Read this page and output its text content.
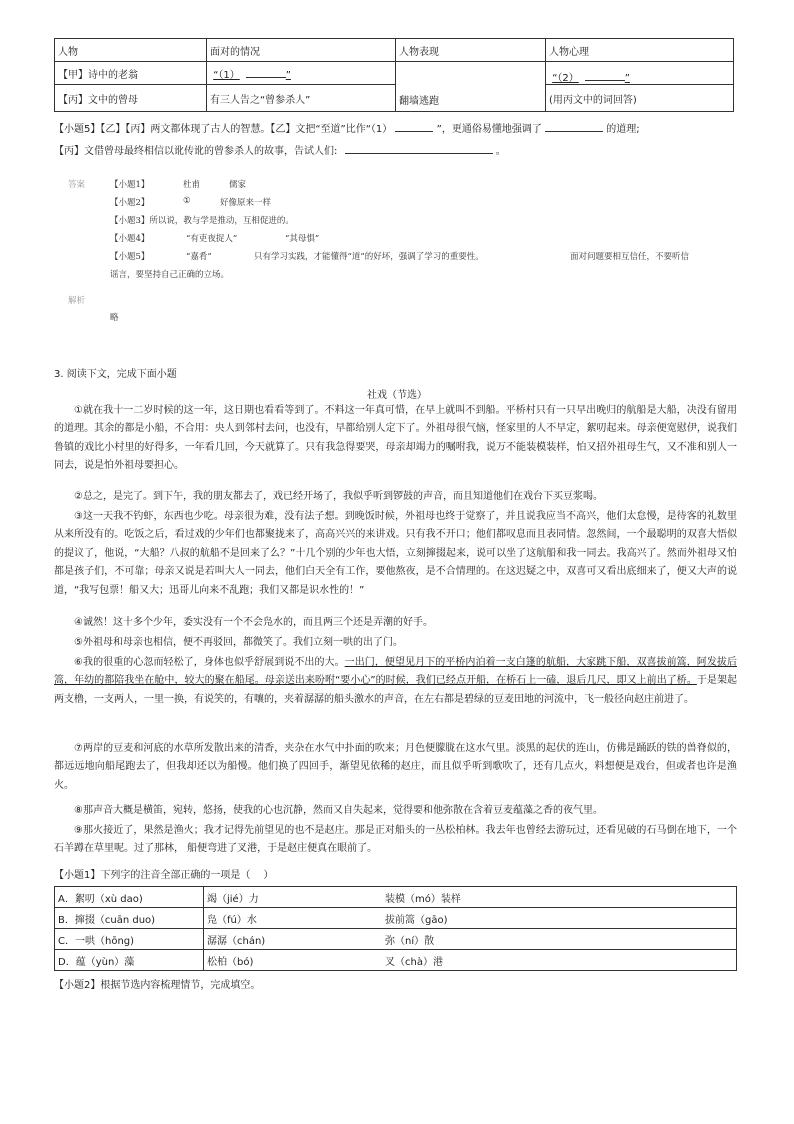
人物	面对的情况	人物表现	人物心理
【甲】诗中的老翁	“（1） ”	翻墙逃跑	“（2） ”
【丙】文中的曾母	有三人告之“曾参杀人”		(用丙文中的词回答)
【小题5】【乙】【丙】两文都体现了古人的智慧。【乙】文把“至道”比作“（1）	”，更通俗易懂地强调了	的道理;
【丙】文借曾母最终相信以讹传讹的曾参杀人的故事，告试人们:	。
答案	【小题1】	杜甫	儒家
【小题2】	①	好像原来一样
【小题3】所以说，教与学是推动，互相促进的。
【小题4】	“有吏夜捉人”	“其母惧”
【小题5】	“嘉肴”	只有学习实践，才能懂得“道”的好坏，强调了学习的重要性。	面对问题要相互信任，不要听信
谣言，要坚持自己正确的立场。
解析
略
3. 阅读下文，完成下面小题
社戏（节选）
①就在我十一二岁时候的这一年，这日期也看看等到了。不料这一年真可惜，在早上就叫不到船。平桥村只有一只早出晚归的航船是大船，决没有留用的道理。其余的都是小船，不合用：央人到邻村去问，也没有，早都给别人定下了。外祖母很气恼，怪家里的人不早定，絮叨起来。母亲便宽慰伊，说我们鲁镇的戏比小村里的好得多，一年看几回，今天就算了。只有我急得要哭，母亲却竭力的嘱咐我，说万不能装模装样，怕又招外祖母生气，又不准和别人一同去，说是怕外祖母要担心。
②总之，是完了。到下午，我的朋友都去了，戏已经开场了，我似乎听到锣鼓的声音，而且知道他们在戏台下买豆浆喝。
③这一天我不钓虾，东西也少吃。母亲很为难，没有法子想。到晚饭时候，外祖母也终于觉察了，并且说我应当不高兴，他们太怠慢，是待客的礼数里从来所没有的。吃饭之后，看过戏的少年们也都聚拢来了，高高兴兴的来讲戏。只有我不开口；他们都叹息而且表同情。忽然间，一个最聪明的双喜大悟似的提议了，他说，“大船？八叔的航船不是回来了么？”十几个别的少年也大悟，立刻撺掇起来，说可以坐了这航船和我一同去。我高兴了。然而外祖母又怕都是孩子们，不可靠；母亲又说是若叫大人一同去，他们白天全有工作，要他熬夜，是不合情理的。在这迟疑之中，双喜可又看出底细来了，便又大声的说道，“我写包票！船又大；迅哥儿向来不乱跑；我们又都是识水性的！”
④诚然！这十多个少年，委实没有一个不会凫水的，而且两三个还是弄潮的好手。
⑤外祖母和母亲也相信，便不再驳回，都微笑了。我们立刻一哄的出了门。
⑥我的很重的心忽而轻松了，身体也似乎舒展到说不出的大。一出门，便望见月下的平桥内泊着一支白篷的航船，大家跳下船，双喜拔前篙，阿发拔后篙，年幼的都陪我坐在舱中，较大的聚在船尾。母亲送出来吩咐“要小心”的时候，我们已经点开船，在桥石上一磕，退后几尺，即又上前出了桥。于是架起两支橹，一支两人，一里一换，有说笑的，有嚷的，夹着潺潺的船头激水的声音，在左右都是碧绿的豆麦田地的河流中，飞一般径向赵庄前进了。
⑦两岸的豆麦和河底的水草所发散出来的清香，夹杂在水气中扑面的吹来；月色便朦胧在这水气里。淡黑的起伏的连山，仿佛是踊跃的铁的兽脊似的，都远远地向船尾跑去了，但我却还以为船慢。他们换了四回手，渐望见依稀的赵庄，而且似乎听到歌吹了，还有几点火，料想便是戏台，但或者也许是渔火。
⑧那声音大概是横笛，宛转，悠扬，使我的心也沉静，然而又自失起来，觉得要和他弥散在含着豆麦蕴藻之香的夜气里。
⑨那火接近了，果然是渔火；我才记得先前望见的也不是赵庄。那是正对船头的一丛松柏林。我去年也曾经去游玩过，还看见破的石马倒在地下，一个石羊蹲在草里呢。过了那林， 船便弯进了叉港，于是赵庄便真在眼前了。
【小题1】下列字的注音全部正确的一项是（　 ）
A．絮叨（xù dao)	竭（jié）力	装模（mó）装样
B．撺掇（cuān duo)	凫（fú）水	拔前篙（gāo)
C．一哄（hōng)	潺潺（chán)	弥（ní）散
D．蕴（yùn）藻	松柏（bó)	叉（chà）港
【小题2】根据节选内容梳理情节，完成填空。
